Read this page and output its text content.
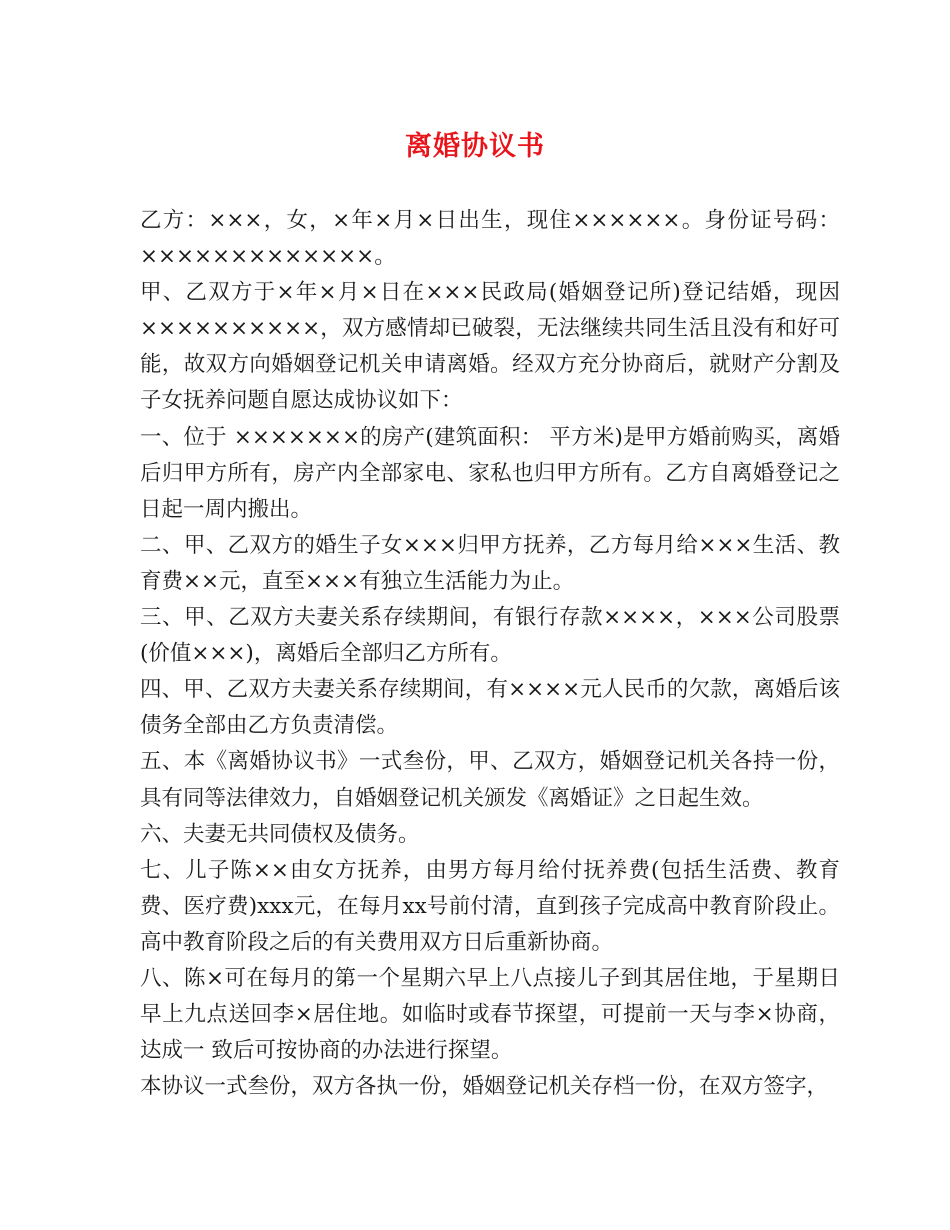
离婚协议书

乙方：×××，女，×年×月×日出生，现住××××××。身份证号码：×××××××××××××。

甲、乙双方于×年×月×日在×××民政局(婚姻登记所)登记结婚，现因××××××××××，双方感情却已破裂，无法继续共同生活且没有和好可能，故双方向婚姻登记机关申请离婚。经双方充分协商后，就财产分割及子女抚养问题自愿达成协议如下：

一、位于 ×××××××的房产(建筑面积： 平方米)是甲方婚前购买，离婚后归甲方所有，房产内全部家电、家私也归甲方所有。乙方自离婚登记之日起一周内搬出。

二、甲、乙双方的婚生子女×××归甲方抚养，乙方每月给×××生活、教育费××元，直至×××有独立生活能力为止。

三、甲、乙双方夫妻关系存续期间，有银行存款××××，×××公司股票(价值×××)，离婚后全部归乙方所有。

四、甲、乙双方夫妻关系存续期间，有××××元人民币的欠款，离婚后该债务全部由乙方负责清偿。

五、本《离婚协议书》一式叁份，甲、乙双方，婚姻登记机关各持一份，具有同等法律效力，自婚姻登记机关颁发《离婚证》之日起生效。

六、夫妻无共同债权及债务。

七、儿子陈××由女方抚养，由男方每月给付抚养费(包括生活费、教育费、医疗费)xxx元，在每月xx号前付清，直到孩子完成高中教育阶段止。 高中教育阶段之后的有关费用双方日后重新协商。

八、陈×可在每月的第一个星期六早上八点接儿子到其居住地，于星期日早上九点送回李×居住地。如临时或春节探望，可提前一天与李×协商，达成一 致后可按协商的办法进行探望。

本协议一式叁份，双方各执一份，婚姻登记机关存档一份，在双方签字，
